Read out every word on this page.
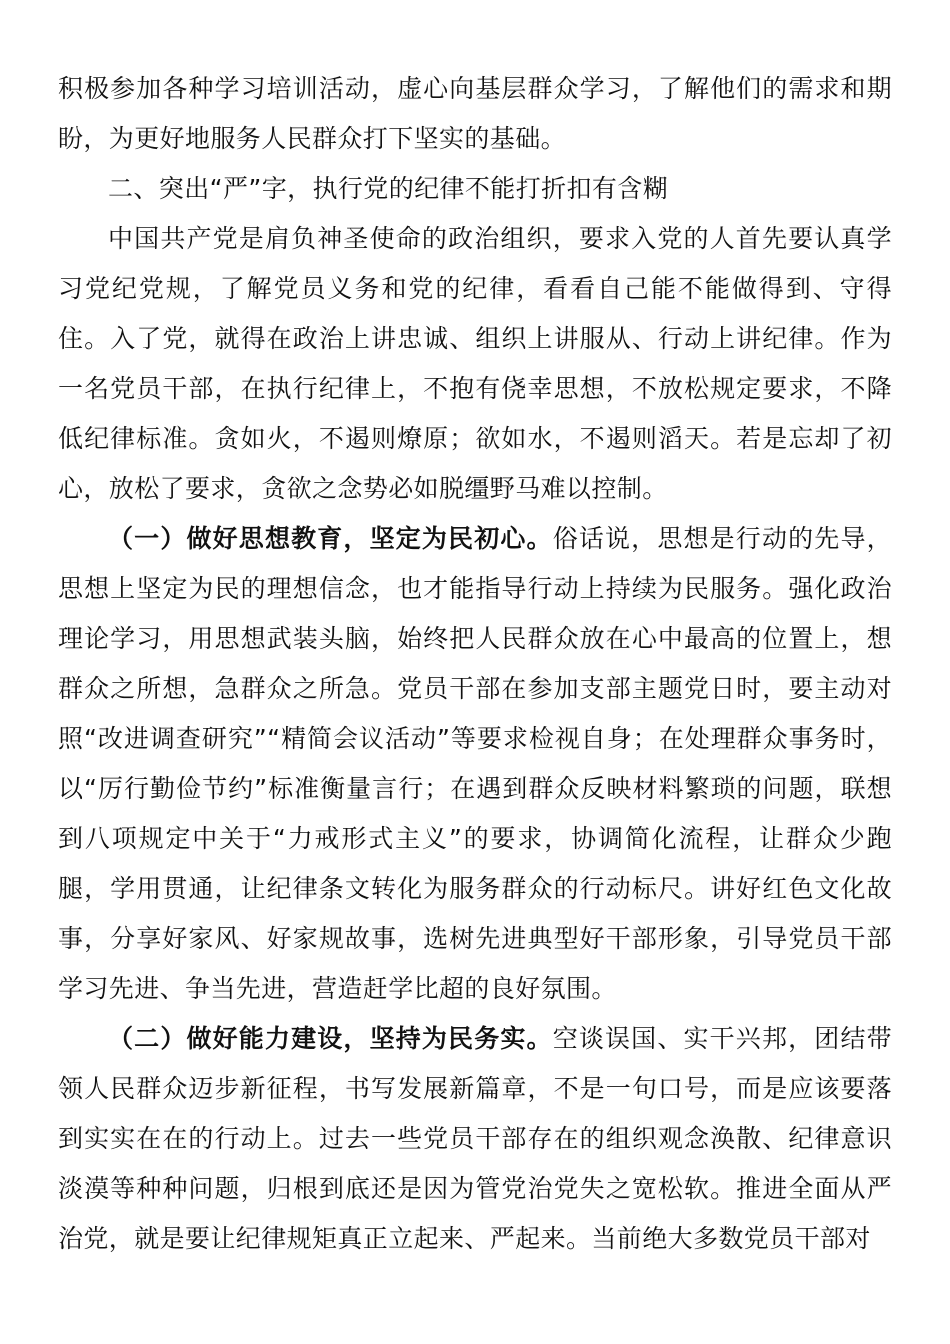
积极参加各种学习培训活动，虚心向基层群众学习，了解他们的需求和期盼，为更好地服务人民群众打下坚实的基础。

二、突出“严”字，执行党的纪律不能打折扣有含糊

中国共产党是肩负神圣使命的政治组织，要求入党的人首先要认真学习党纪党规，了解党员义务和党的纪律，看看自己能不能做得到、守得住。入了党，就得在政治上讲忠诚、组织上讲服从、行动上讲纪律。作为一名党员干部，在执行纪律上，不抱有侥幸思想，不放松规定要求，不降低纪律标准。贪如火，不遏则燎原；欲如水，不遏则滔天。若是忘却了初心，放松了要求，贪欲之念势必如脱缰野马难以控制。

（一）做好思想教育，坚定为民初心。俗话说，思想是行动的先导，思想上坚定为民的理想信念，也才能指导行动上持续为民服务。强化政治理论学习，用思想武装头脑，始终把人民群众放在心中最高的位置上，想群众之所想，急群众之所急。党员干部在参加支部主题党日时，要主动对照“改进调查研究”“精简会议活动”等要求检视自身；在处理群众事务时，以“厉行勤俭节约”标准衡量言行；在遇到群众反映材料繁琐的问题，联想到八项规定中关于“力戒形式主义”的要求，协调简化流程，让群众少跑腿，学用贯通，让纪律条文转化为服务群众的行动标尺。讲好红色文化故事，分享好家风、好家规故事，选树先进典型好干部形象，引导党员干部学习先进、争当先进，营造赶学比超的良好氛围。

（二）做好能力建设，坚持为民务实。空谈误国、实干兴邦，团结带领人民群众迈步新征程，书写发展新篇章，不是一句口号，而是应该要落到实实在在的行动上。过去一些党员干部存在的组织观念涣散、纪律意识淡漠等种种问题，归根到底还是因为管党治党失之宽松软。推进全面从严治党，就是要让纪律规矩真正立起来、严起来。当前绝大多数党员干部对
